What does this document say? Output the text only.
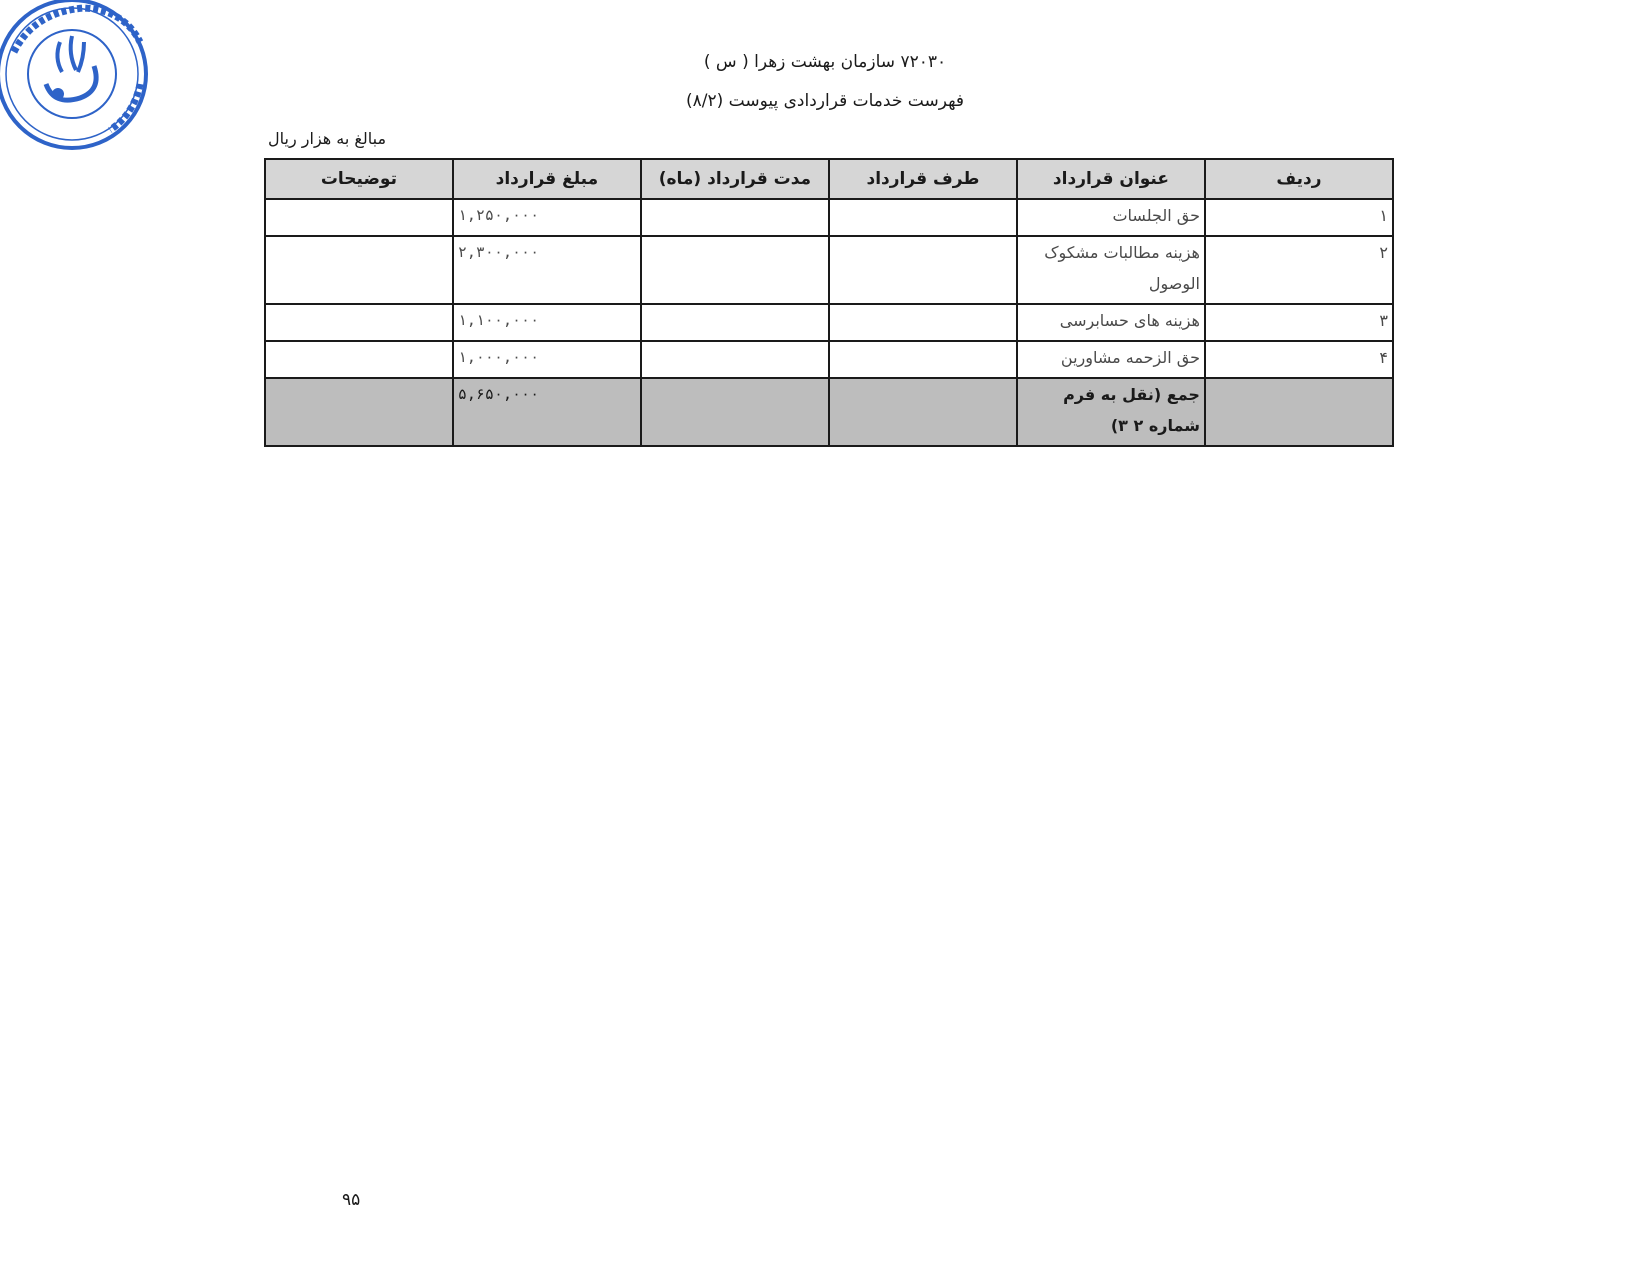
۷۲۰۳۰ سازمان بهشت زهرا ( س )
فهرست خدمات قراردادی پیوست (۸/۲)
مبالغ به هزار ریال
ردیف	عنوان قرارداد	طرف قرارداد	مدت قرارداد (ماه)	مبلغ قرارداد	توضیحات
۱	حق الجلسات			۱,۲۵۰,۰۰۰	
۲	هزینه مطالبات مشکوک الوصول			۲,۳۰۰,۰۰۰	
۳	هزینه های حسابرسی			۱,۱۰۰,۰۰۰	
۴	حق الزحمه مشاورین			۱,۰۰۰,۰۰۰	
	جمع (نقل به فرم شماره ۲ ۳)			۵,۶۵۰,۰۰۰	
۹۵
